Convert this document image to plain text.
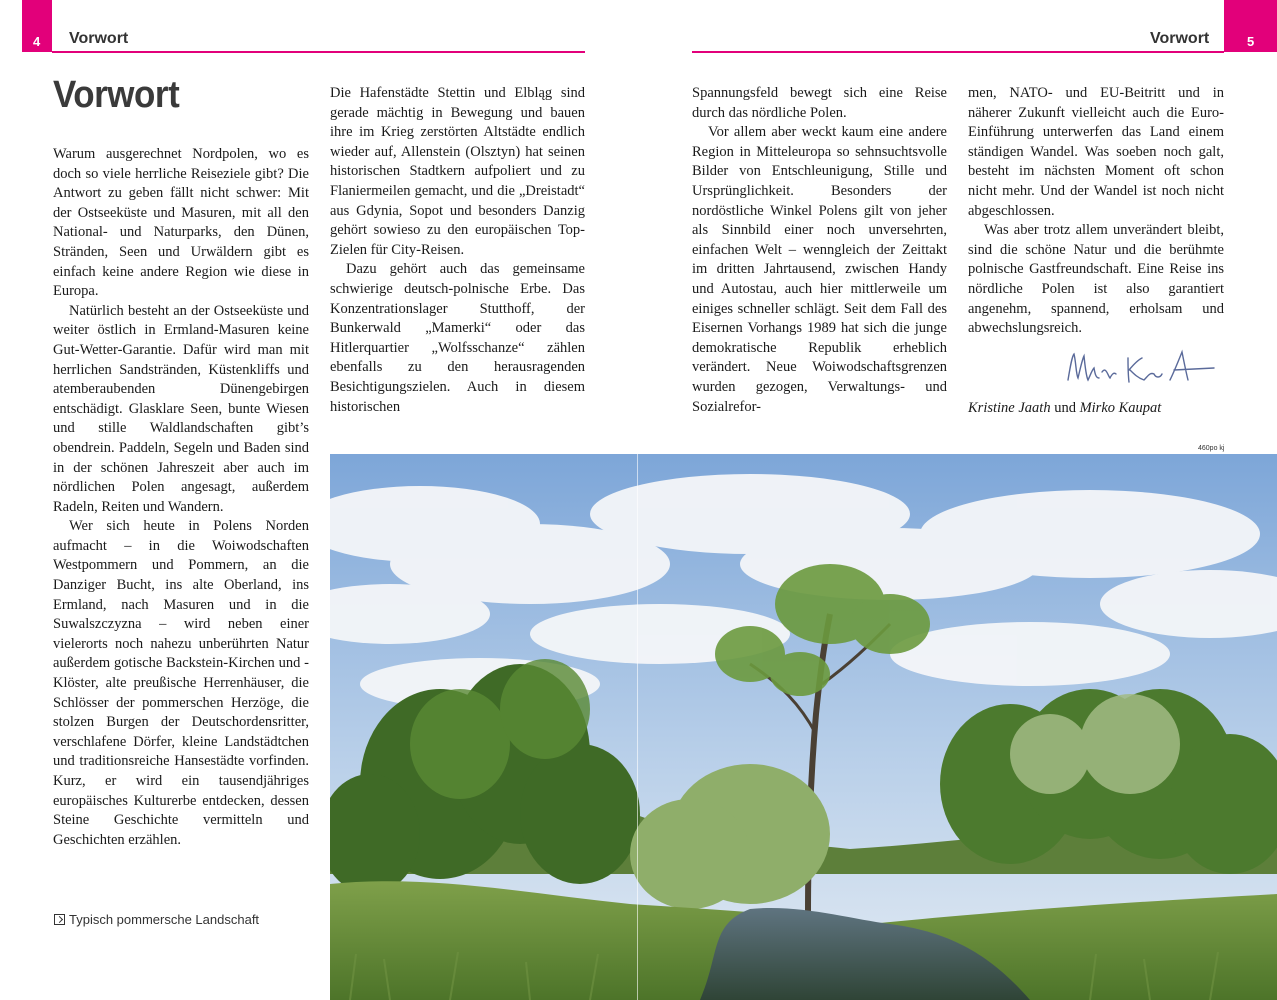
4	5
Vorwort	Vorwort
Vorwort

Warum ausgerechnet Nordpolen, wo es doch so viele herrliche Reiseziele gibt? Die Antwort zu geben fällt nicht schwer: Mit der Ostseeküste und Masuren, mit all den National- und Naturparks, den Dünen, Stränden, Seen und Urwäldern gibt es einfach keine andere Region wie diese in Europa.

Natürlich besteht an der Ostseeküste und weiter östlich in Ermland-Masuren keine Gut-Wetter-Garantie. Dafür wird man mit herrlichen Sandstränden, Küstenkliffs und atemberaubenden Dünengebirgen entschädigt. Glasklare Seen, bunte Wiesen und stille Waldlandschaften gibt’s obendrein. Paddeln, Segeln und Baden sind in der schönen Jahreszeit aber auch im nördlichen Polen angesagt, außerdem Radeln, Reiten und Wandern.

Wer sich heute in Polens Norden aufmacht – in die Woiwodschaften Westpommern und Pommern, an die Danziger Bucht, ins alte Oberland, ins Ermland, nach Masuren und in die Suwalszczyzna – wird neben einer vielerorts noch nahezu unberührten Natur außerdem gotische Backstein-Kirchen und -Klöster, alte preußische Herrenhäuser, die Schlösser der pommerschen Herzöge, die stolzen Burgen der Deutschordensritter, verschlafene Dörfer, kleine Landstädtchen und traditionsreiche Hansestädte vorfinden. Kurz, er wird ein tausendjähriges europäisches Kulturerbe entdecken, dessen Steine Geschichte vermitteln und Geschichten erzählen.

Die Hafenstädte Stettin und Elbląg sind gerade mächtig in Bewegung und bauen ihre im Krieg zerstörten Altstädte endlich wieder auf, Allenstein (Olsztyn) hat seinen historischen Stadtkern aufpoliert und zu Flaniermeilen gemacht, und die „Dreistadt“ aus Gdynia, Sopot und besonders Danzig gehört sowieso zu den europäischen Top-Zielen für City-Reisen.

Dazu gehört auch das gemeinsame schwierige deutsch-polnische Erbe. Das Konzentrationslager Stutthoff, der Bunkerwald „Mamerki“ oder das Hitlerquartier „Wolfsschanze“ zählen ebenfalls zu den herausragenden Besichtigungszielen. Auch in diesem historischen

Spannungsfeld bewegt sich eine Reise durch das nördliche Polen.

Vor allem aber weckt kaum eine andere Region in Mitteleuropa so sehnsuchtsvolle Bilder von Entschleunigung, Stille und Ursprünglichkeit. Besonders der nordöstliche Winkel Polens gilt von jeher als Sinnbild einer noch unversehrten, einfachen Welt – wenngleich der Zeittakt im dritten Jahrtausend, zwischen Handy und Autostau, auch hier mittlerweile um einiges schneller schlägt. Seit dem Fall des Eisernen Vorhangs 1989 hat sich die junge demokratische Republik erheblich verändert. Neue Woiwodschaftsgrenzen wurden gezogen, Verwaltungs- und Sozialrefor-

men, NATO- und EU-Beitritt und in näherer Zukunft vielleicht auch die Euro-Einführung unterwerfen das Land einem ständigen Wandel. Was soeben noch galt, besteht im nächsten Moment oft schon nicht mehr. Und der Wandel ist noch nicht abgeschlossen.

Was aber trotz allem unverändert bleibt, sind die schöne Natur und die berühmte polnische Gastfreundschaft. Eine Reise ins nördliche Polen ist also garantiert angenehm, spannend, erholsam und abwechslungsreich.

Kristine Jaath und Mirko Kaupat
Typisch pommersche Landschaft
460po kj
